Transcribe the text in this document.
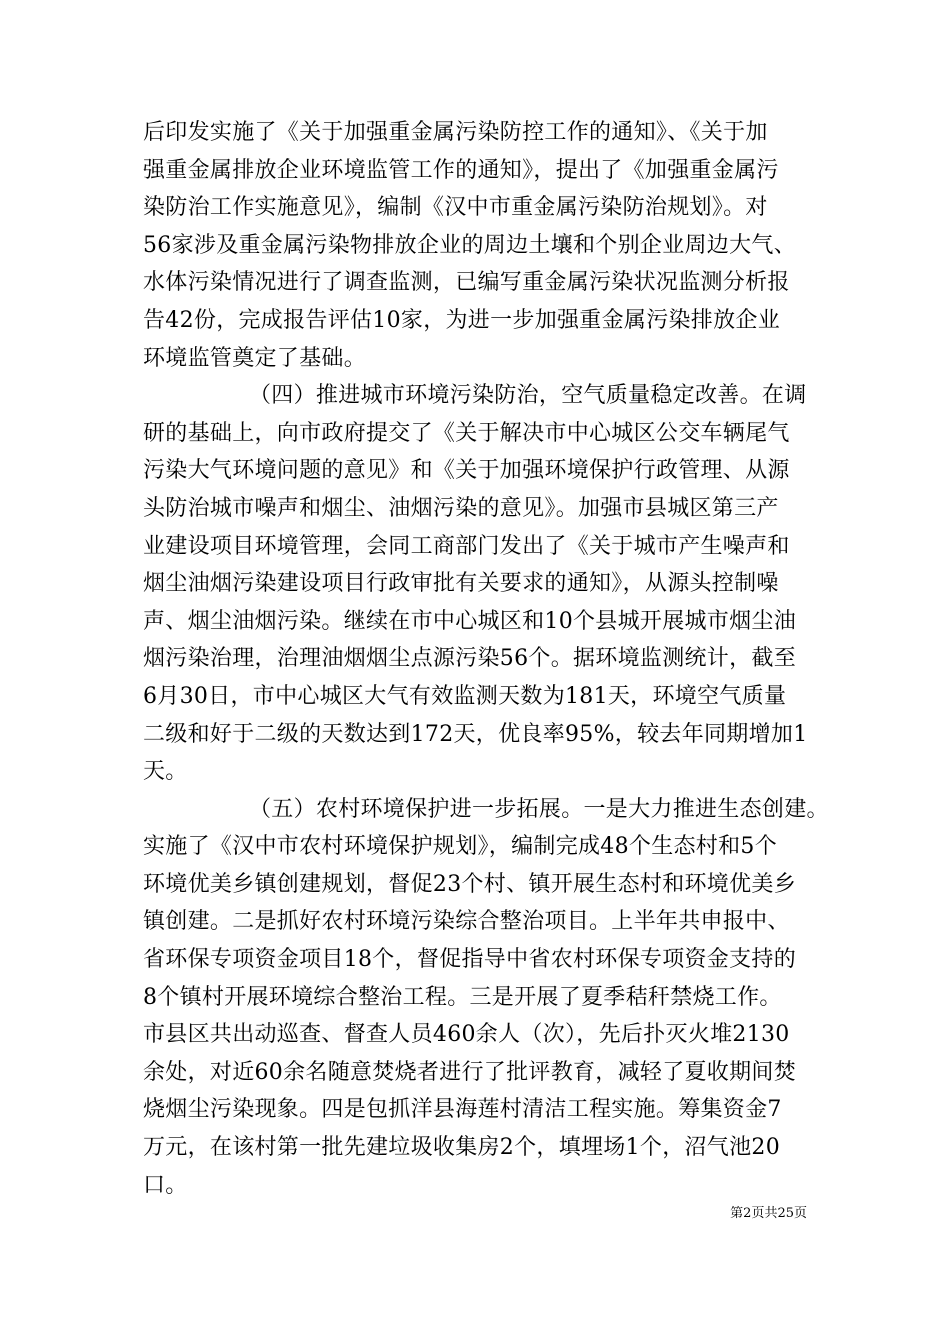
后印发实施了《关于加强重金属污染防控工作的通知》、《关于加
强重金属排放企业环境监管工作的通知》，提出了《加强重金属污
染防治工作实施意见》，编制《汉中市重金属污染防治规划》。对
56家涉及重金属污染物排放企业的周边土壤和个别企业周边大气、
水体污染情况进行了调查监测，已编写重金属污染状况监测分析报
告42份，完成报告评估10家，为进一步加强重金属污染排放企业
环境监管奠定了基础。
（四）推进城市环境污染防治，空气质量稳定改善。在调
研的基础上，向市政府提交了《关于解决市中心城区公交车辆尾气
污染大气环境问题的意见》和《关于加强环境保护行政管理、从源
头防治城市噪声和烟尘、油烟污染的意见》。加强市县城区第三产
业建设项目环境管理，会同工商部门发出了《关于城市产生噪声和
烟尘油烟污染建设项目行政审批有关要求的通知》，从源头控制噪
声、烟尘油烟污染。继续在市中心城区和10个县城开展城市烟尘油
烟污染治理，治理油烟烟尘点源污染56个。据环境监测统计，截至
6月30日，市中心城区大气有效监测天数为181天，环境空气质量
二级和好于二级的天数达到172天，优良率95%，较去年同期增加1
天。
（五）农村环境保护进一步拓展。一是大力推进生态创建。
实施了《汉中市农村环境保护规划》，编制完成48个生态村和5个
环境优美乡镇创建规划，督促23个村、镇开展生态村和环境优美乡
镇创建。二是抓好农村环境污染综合整治项目。上半年共申报中、
省环保专项资金项目18个，督促指导中省农村环保专项资金支持的
8个镇村开展环境综合整治工程。三是开展了夏季秸秆禁烧工作。
市县区共出动巡查、督查人员460余人（次），先后扑灭火堆2130
余处，对近60余名随意焚烧者进行了批评教育，减轻了夏收期间焚
烧烟尘污染现象。四是包抓洋县海莲村清洁工程实施。筹集资金7
万元，在该村第一批先建垃圾收集房2个，填埋场1个，沼气池20
口。
第2页共25页
